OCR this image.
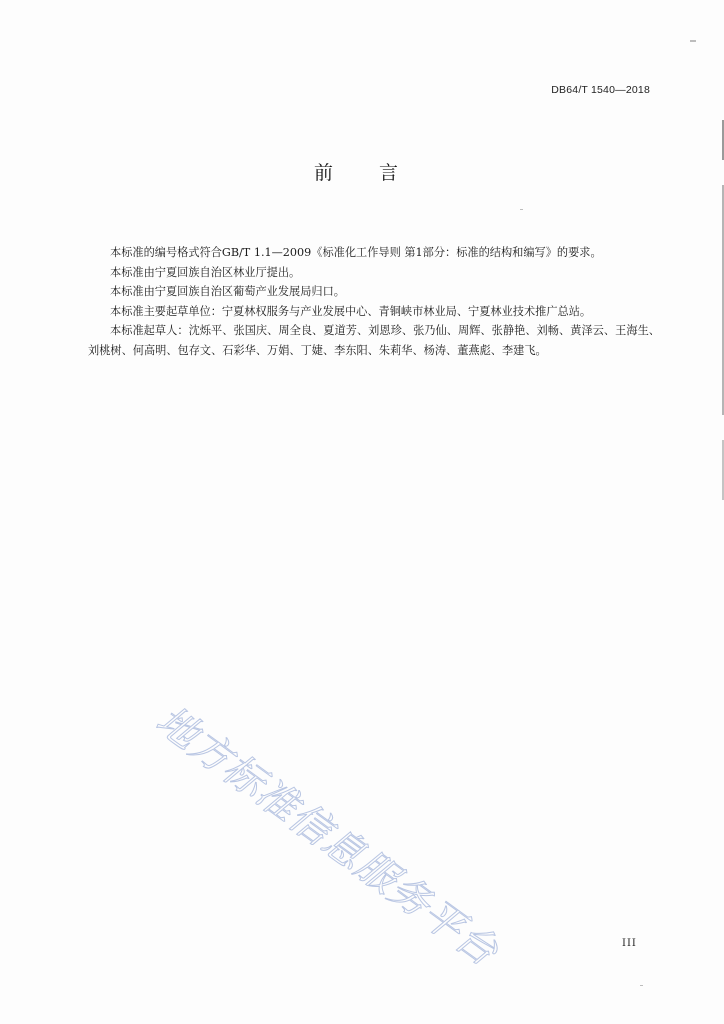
DB64/T 1540—2018
前 言

本标准的编号格式符合GB/T 1.1—2009《标准化工作导则 第1部分：标准的结构和编写》的要求。

本标准由宁夏回族自治区林业厅提出。

本标准由宁夏回族自治区葡萄产业发展局归口。

本标准主要起草单位：宁夏林权服务与产业发展中心、青铜峡市林业局、宁夏林业技术推广总站。

本标准起草人：沈烁平、张国庆、周全良、夏道芳、刘恩珍、张乃仙、周辉、张静艳、刘畅、黄泽云、王海生、刘桃树、何高明、包存文、石彩华、万娟、丁婕、李东阳、朱莉华、杨涛、董燕彪、李建飞。

地方标准信息服务平台	III
